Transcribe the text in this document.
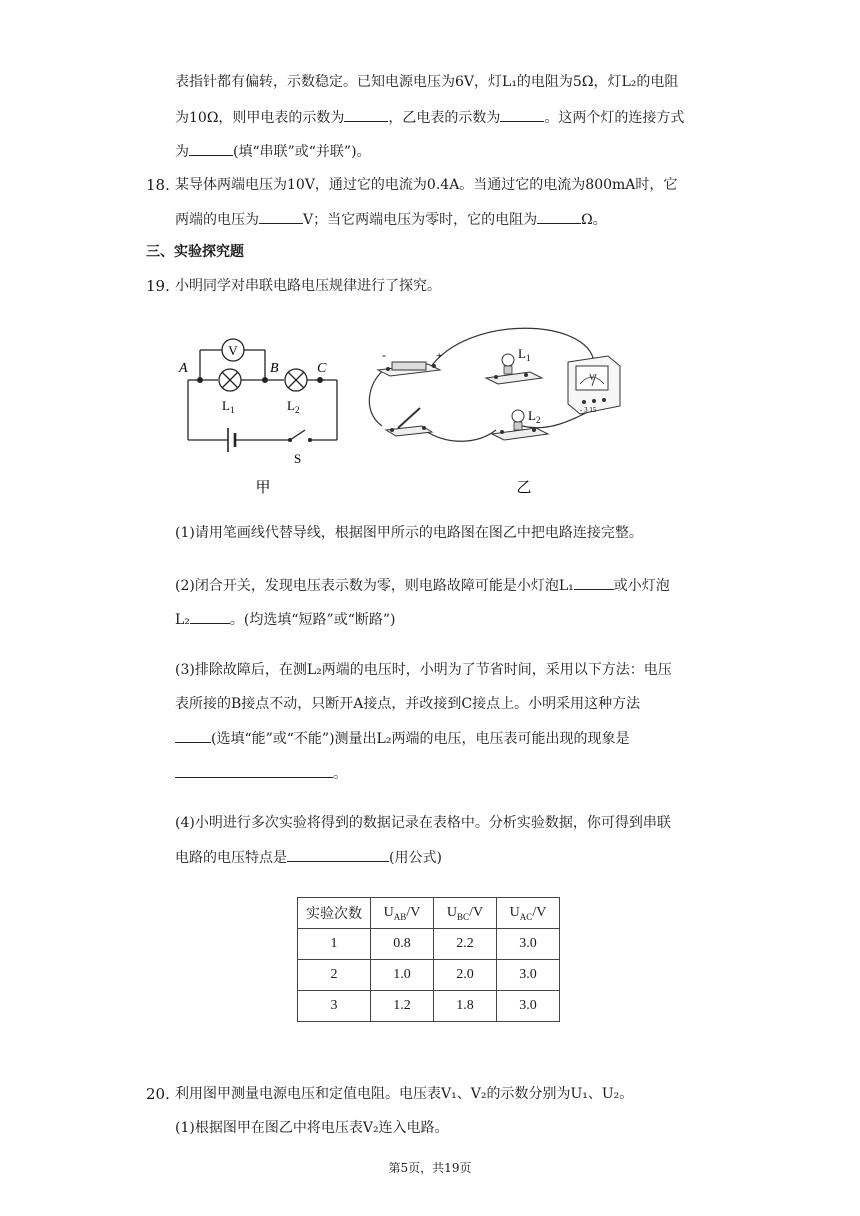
表指针都有偏转，示数稳定。已知电源电压为6V，灯L₁的电阻为5Ω，灯L₂的电阻
为10Ω，则甲电表的示数为	，乙电表的示数为	。这两个灯的连接方式
为	(填“串联”或“并联”)。
18. 某导体两端电压为10V，通过它的电流为0.4A。当通过它的电流为800mA时，它
两端的电压为	V；当它两端电压为零时，它的电阻为	Ω。
三、实验探究题
19. 小明同学对串联电路电压规律进行了探究。
V
A	B	C
$L_1$	$L_2$
S
甲
-	+	$L_1$
$L_2$
V
- 3 15
乙
(1)请用笔画线代替导线，根据图甲所示的电路图在图乙中把电路连接完整。
(2)闭合开关，发现电压表示数为零，则电路故障可能是小灯泡L₁	或小灯泡
L₂	。(均选填“短路”或“断路”)
(3)排除故障后，在测L₂两端的电压时，小明为了节省时间，采用以下方法：电压
表所接的B接点不动，只断开A接点，并改接到C接点上。小明采用这种方法
(选填“能”或“不能”)测量出L₂两端的电压，电压表可能出现的现象是
。
(4)小明进行多次实验将得到的数据记录在表格中。分析实验数据，你可得到串联
电路的电压特点是	(用公式)
实验次数	$U_{AB}/V$	$U_{BC}/V$	$U_{AC}/V$
1	0.8	2.2	3.0
2	1.0	2.0	3.0
3	1.2	1.8	3.0
20. 利用图甲测量电源电压和定值电阻。电压表V₁、V₂的示数分别为U₁、U₂。
(1)根据图甲在图乙中将电压表V₂连入电路。
第5页，共19页
